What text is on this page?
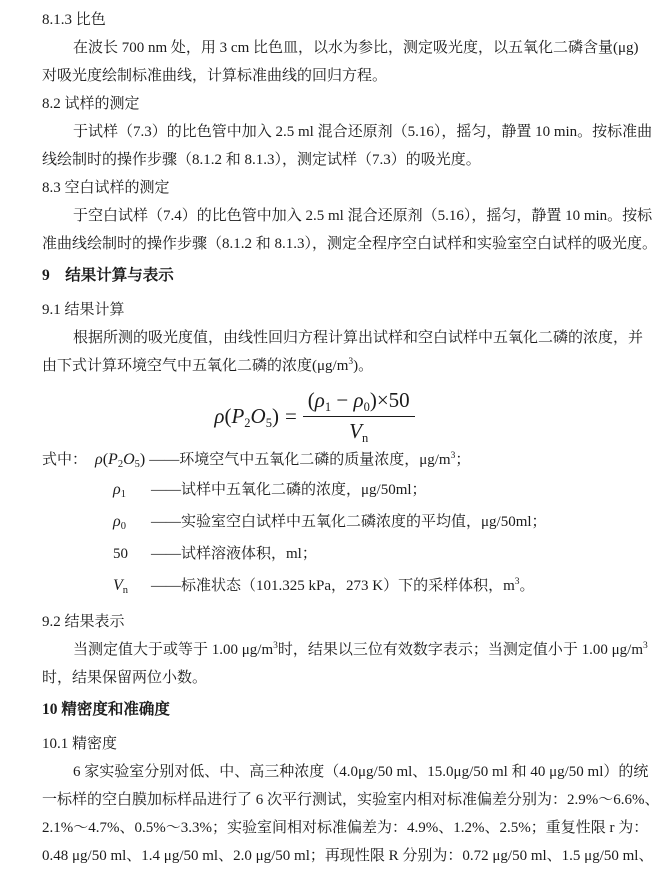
8.1.3 比色
在波长 700 nm 处，用 3 cm 比色皿，以水为参比，测定吸光度，以五氧化二磷含量(μg)
对吸光度绘制标准曲线，计算标准曲线的回归方程。
8.2 试样的测定
于试样（7.3）的比色管中加入 2.5 ml 混合还原剂（5.16），摇匀，静置 10 min。按标准曲
线绘制时的操作步骤（8.1.2 和 8.1.3），测定试样（7.3）的吸光度。
8.3 空白试样的测定
于空白试样（7.4）的比色管中加入 2.5 ml 混合还原剂（5.16），摇匀，静置 10 min。按标
准曲线绘制时的操作步骤（8.1.2 和 8.1.3），测定全程序空白试样和实验室空白试样的吸光度。
9　结果计算与表示
9.1 结果计算
根据所测的吸光度值，由线性回归方程计算出试样和空白试样中五氧化二磷的浓度，并
由下式计算环境空气中五氧化二磷的浓度$(\mu g/m^3)$。
$\rho(P_2O_5) = \frac{(\rho_1 - \rho_0)\times 50}{V_n}$
式中： $\rho(P_2O_5)$ ——环境空气中五氧化二磷的质量浓度，$\mu g/m^3$；
$\rho_1$ ——试样中五氧化二磷的浓度，μg/50ml；
$\rho_0$ ——实验室空白试样中五氧化二磷浓度的平均值，μg/50ml；
50 ——试样溶液体积，ml；
$V_n$ ——标准状态（101.325 kPa，273 K）下的采样体积，$m^3$。
9.2 结果表示
当测定值大于或等于 1.00 $\mu g/m^3$时，结果以三位有效数字表示；当测定值小于 1.00 $\mu g/m^3$
时，结果保留两位小数。
10 精密度和准确度
10.1 精密度
6 家实验室分别对低、中、高三种浓度（4.0μg/50 ml、15.0μg/50 ml 和 40 μg/50 ml）的统
一标样的空白膜加标样品进行了 6 次平行测试，实验室内相对标准偏差分别为：2.9%～6.6%、
2.1%～4.7%、0.5%～3.3%；实验室间相对标准偏差为：4.9%、1.2%、2.5%；重复性限 r 为：
0.48 μg/50 ml、1.4 μg/50 ml、2.0 μg/50 ml；再现性限 R 分别为：0.72 μg/50 ml、1.5 μg/50 ml、
